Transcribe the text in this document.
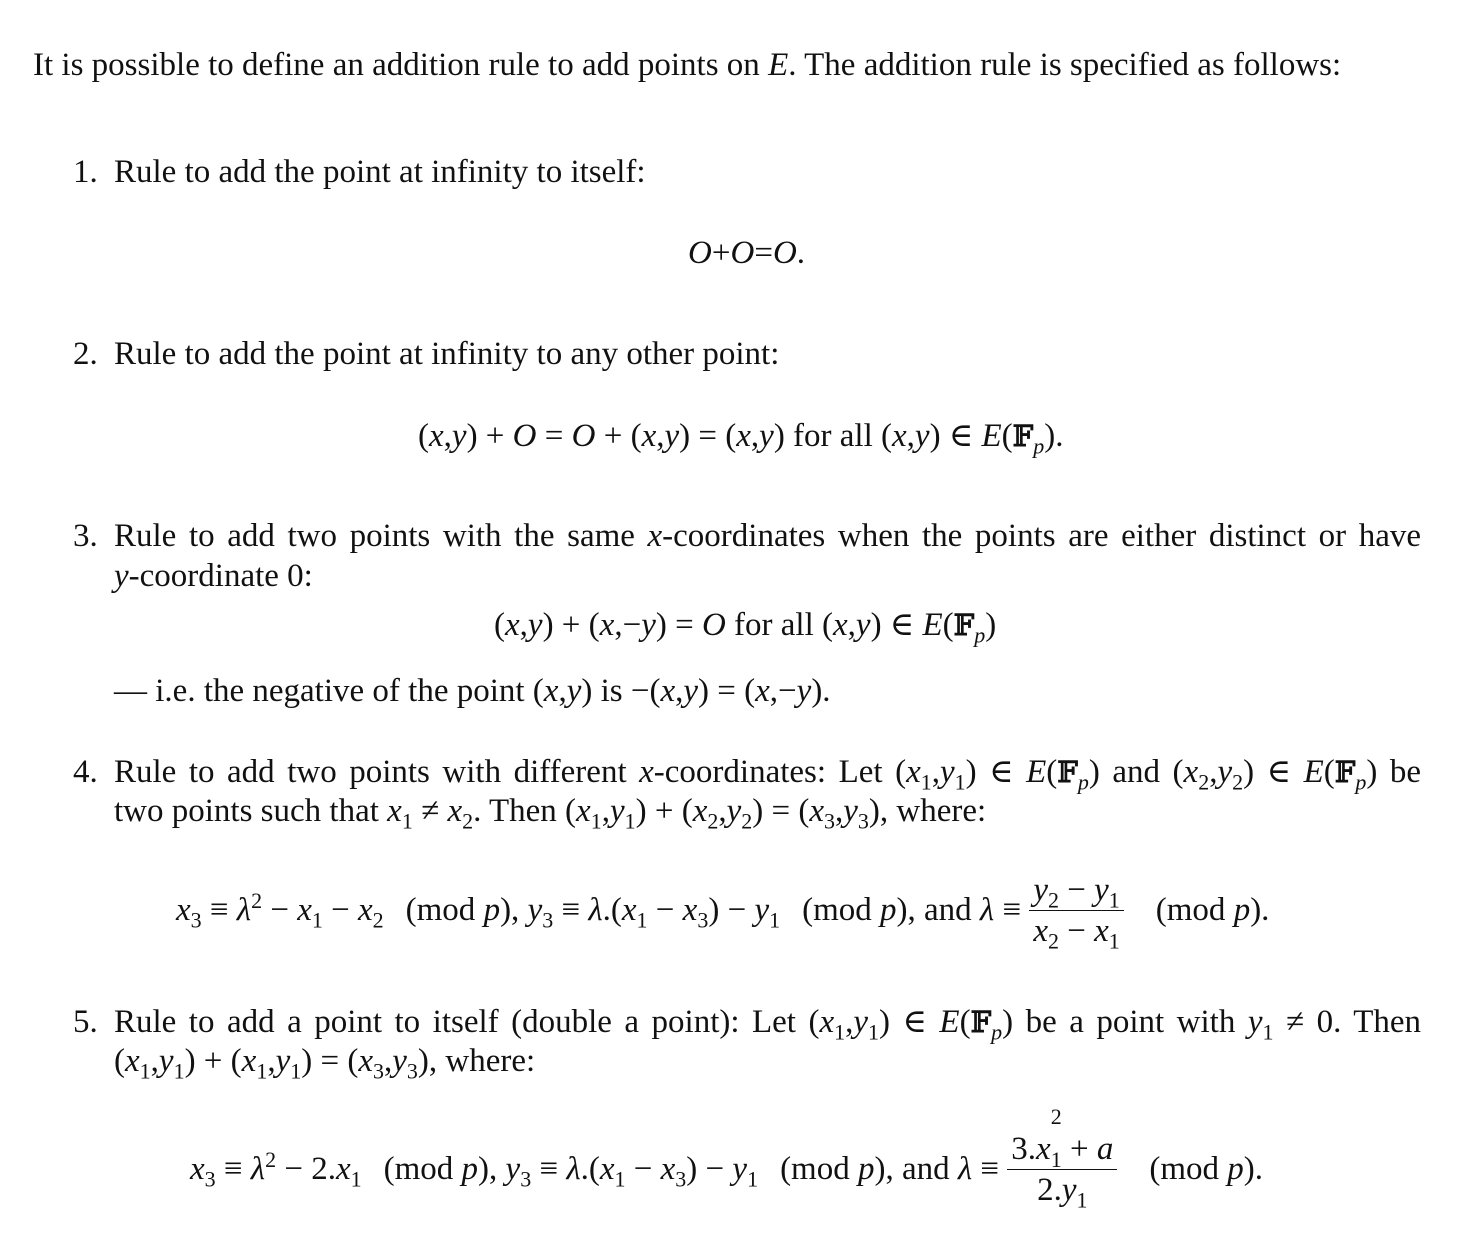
It is possible to define an addition rule to add points on E. The addition rule is specified as follows:
1. Rule to add the point at infinity to itself:
O+O=O.
2. Rule to add the point at infinity to any other point:
(x,y) + O = O + (x,y) = (x,y) for all (x,y) ∈ E(𝔽$_p$).
3. Rule to add two points with the same x-coordinates when the points are either distinct or have
y-coordinate 0:
(x,y) + (x,−y) = O for all (x,y) ∈ E(𝔽$_p$)
— i.e. the negative of the point (x,y) is −(x,y) = (x,−y).
4. Rule to add two points with different x-coordinates: Let $(x_1,y_1)$ ∈ E(𝔽$_p$) and $(x_2,y_2)$ ∈ E(𝔽$_p$) be
two points such that $x_1 \ne x_2$. Then $(x_1,y_1) + (x_2,y_2) = (x_3,y_3)$, where:
$x_3 \equiv \lambda^2 - x_1 - x_2$ (mod p), $y_3 \equiv \lambda.(x_1 - x_3) - y_1$ (mod p), and $\lambda \equiv \frac{y_2 - y_1}{x_2 - x_1} (mod$ p).
5. Rule to add a point to itself (double a point): Let $(x_1,y_1)$ ∈ E(𝔽$_p$) be a point with $y_1 \ne 0$. Then
$(x_1,y_1) + (x_1,y_1) = (x_3,y_3)$, where:
$x_3 \equiv \lambda^2 - 2.x_1$ (mod p), $y_3 \equiv \lambda.(x_1 - x_3) - y_1$ (mod p), and λ ≡ 3.x
$_{2 1}$ + a
$2.y_1$ (mod p).
